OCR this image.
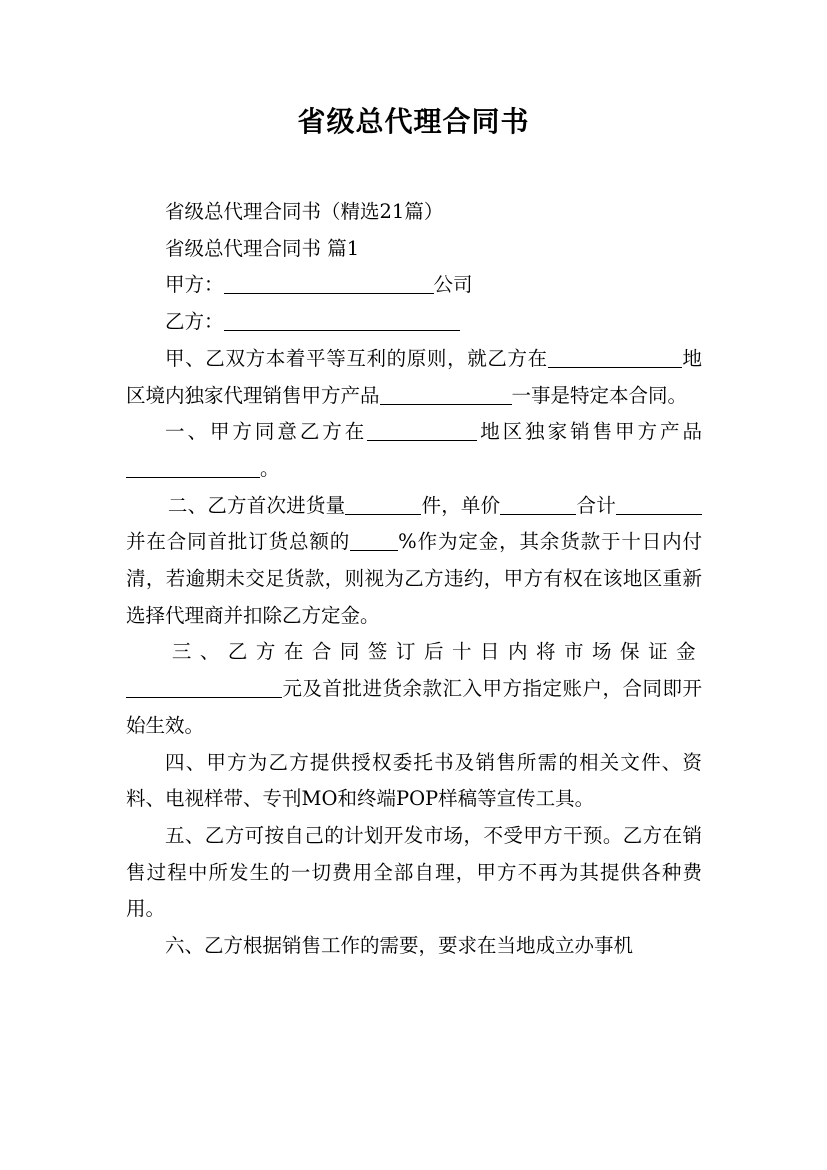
省级总代理合同书

省级总代理合同书（精选21篇）

省级总代理合同书 篇1

甲方：	公司

乙方：

甲、乙双方本着平等互利的原则，就乙方在	地区境内独家代理销售甲方产品	一事是特定本合同。

一、甲方同意乙方在	地区独家销售甲方产品。

二、乙方首次进货量	件，单价	合计并在合同首批订货总额的 %作为定金，其余货款于十日内付清，若逾期未交足货款，则视为乙方违约，甲方有权在该地区重新选择代理商并扣除乙方定金。

三、乙方在合同签订后十日内将市场保证金元及首批进货余款汇入甲方指定账户，合同即开始生效。

四、甲方为乙方提供授权委托书及销售所需的相关文件、资料、电视样带、专刊MO和终端POP样稿等宣传工具。

五、乙方可按自己的计划开发市场，不受甲方干预。乙方在销售过程中所发生的一切费用全部自理，甲方不再为其提供各种费用。

六、乙方根据销售工作的需要，要求在当地成立办事机
